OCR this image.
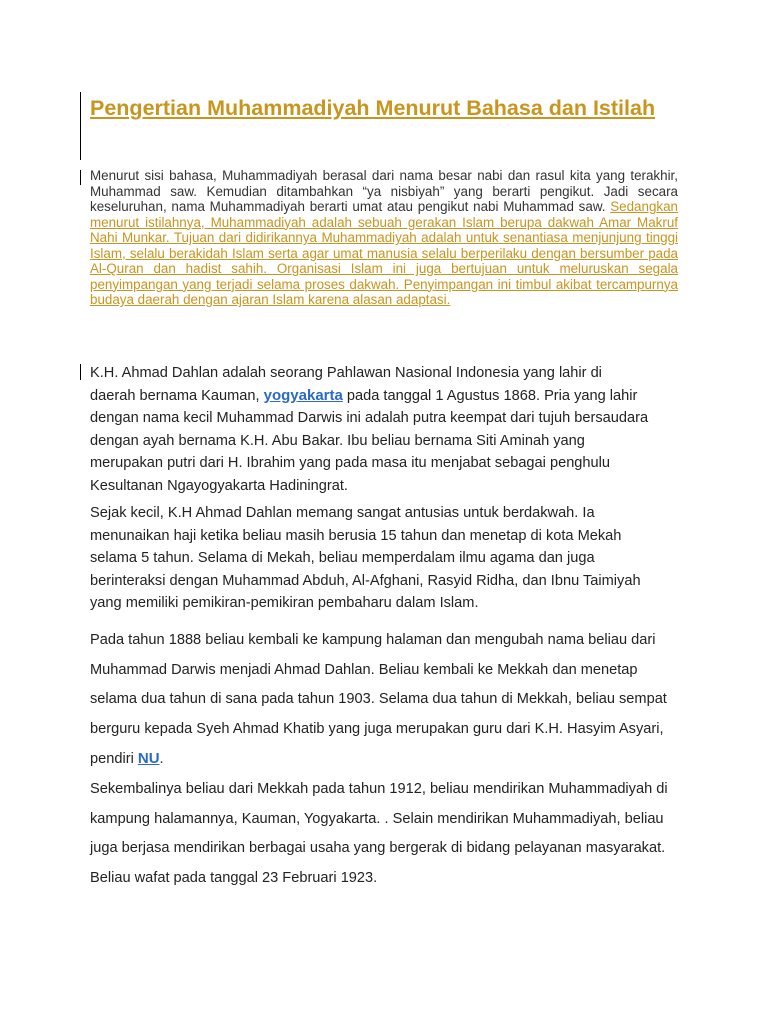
Pengertian Muhammadiyah Menurut Bahasa dan Istilah

Menurut sisi bahasa, Muhammadiyah berasal dari nama besar nabi dan rasul kita yang terakhir, Muhammad saw. Kemudian ditambahkan “ya nisbiyah” yang berarti pengikut. Jadi secara keseluruhan, nama Muhammadiyah berarti umat atau pengikut nabi Muhammad saw. Sedangkan menurut istilahnya, Muhammadiyah adalah sebuah gerakan Islam berupa dakwah Amar Makruf Nahi Munkar. Tujuan dari didirikannya Muhammadiyah adalah untuk senantiasa menjunjung tinggi Islam, selalu berakidah Islam serta agar umat manusia selalu berperilaku dengan bersumber pada Al-Quran dan hadist sahih. Organisasi Islam ini juga bertujuan untuk meluruskan segala penyimpangan yang terjadi selama proses dakwah. Penyimpangan ini timbul akibat tercampurnya budaya daerah dengan ajaran Islam karena alasan adaptasi.

K.H. Ahmad Dahlan adalah seorang Pahlawan Nasional Indonesia yang lahir di daerah bernama Kauman, yogyakarta pada tanggal 1 Agustus 1868. Pria yang lahir dengan nama kecil Muhammad Darwis ini adalah putra keempat dari tujuh bersaudara dengan ayah bernama K.H. Abu Bakar. Ibu beliau bernama Siti Aminah yang merupakan putri dari H. Ibrahim yang pada masa itu menjabat sebagai penghulu Kesultanan Ngayogyakarta Hadiningrat.

Sejak kecil, K.H Ahmad Dahlan memang sangat antusias untuk berdakwah. Ia menunaikan haji ketika beliau masih berusia 15 tahun dan menetap di kota Mekah selama 5 tahun. Selama di Mekah, beliau memperdalam ilmu agama dan juga berinteraksi dengan Muhammad Abduh, Al-Afghani, Rasyid Ridha, dan Ibnu Taimiyah yang memiliki pemikiran-pemikiran pembaharu dalam Islam.

Pada tahun 1888 beliau kembali ke kampung halaman dan mengubah nama beliau dari Muhammad Darwis menjadi Ahmad Dahlan. Beliau kembali ke Mekkah dan menetap selama dua tahun di sana pada tahun 1903. Selama dua tahun di Mekkah, beliau sempat berguru kepada Syeh Ahmad Khatib yang juga merupakan guru dari K.H. Hasyim Asyari, pendiri NU.
Sekembalinya beliau dari Mekkah pada tahun 1912, beliau mendirikan Muhammadiyah di kampung halamannya, Kauman, Yogyakarta. . Selain mendirikan Muhammadiyah, beliau juga berjasa mendirikan berbagai usaha yang bergerak di bidang pelayanan masyarakat. Beliau wafat pada tanggal 23 Februari 1923.
